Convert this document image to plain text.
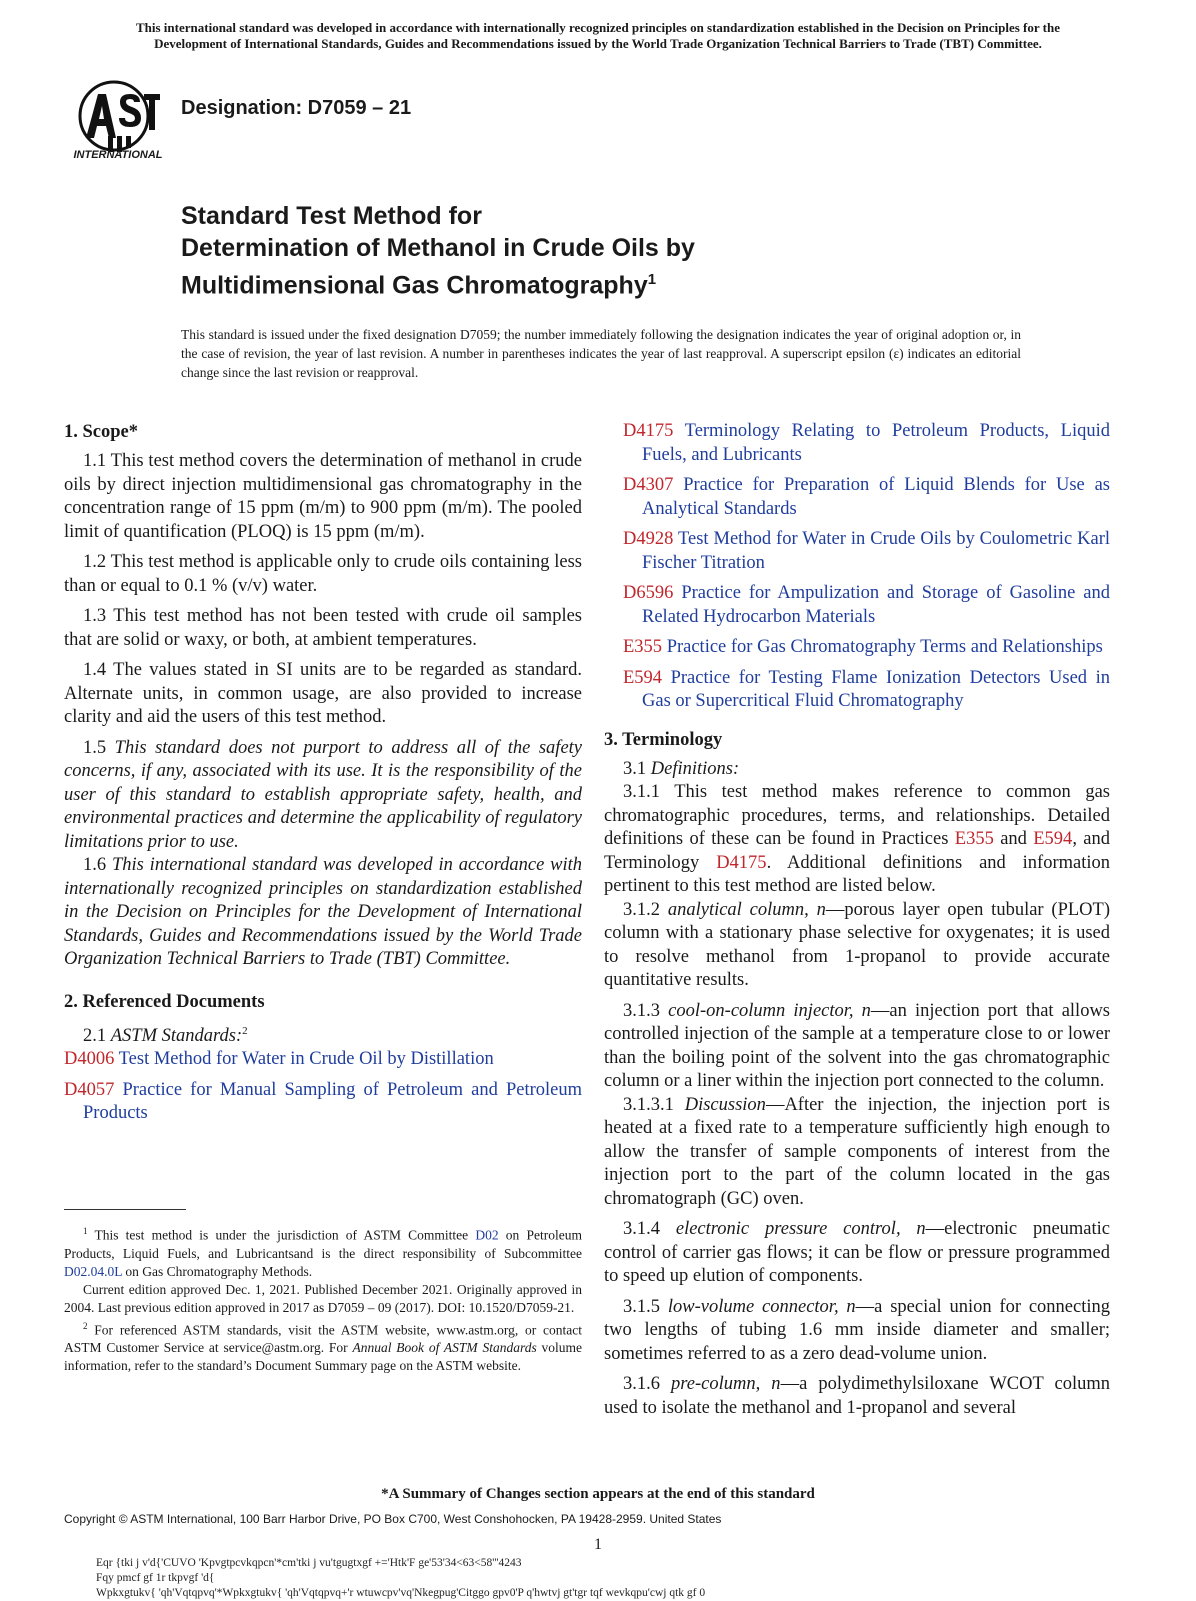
This international standard was developed in accordance with internationally recognized principles on standardization established in the Decision on Principles for the
Development of International Standards, Guides and Recommendations issued by the World Trade Organization Technical Barriers to Trade (TBT) Committee.
INTERNATIONAL
Designation: D7059 – 21
Standard Test Method for
Determination of Methanol in Crude Oils by
Multidimensional Gas Chromatography$^1$
This standard is issued under the fixed designation D7059; the number immediately following the designation indicates the year of original adoption or, in the case of revision, the year of last revision. A number in parentheses indicates the year of last reapproval. A superscript epsilon (ε) indicates an editorial change since the last revision or reapproval.
1. Scope*

1.1 This test method covers the determination of methanol in crude oils by direct injection multidimensional gas chromatography in the concentration range of 15 ppm (m/m) to 900 ppm (m/m). The pooled limit of quantification (PLOQ) is 15 ppm (m/m).

1.2 This test method is applicable only to crude oils containing less than or equal to 0.1 % (v/v) water.

1.3 This test method has not been tested with crude oil samples that are solid or waxy, or both, at ambient temperatures.

1.4 The values stated in SI units are to be regarded as standard. Alternate units, in common usage, are also provided to increase clarity and aid the users of this test method.

1.5 This standard does not purport to address all of the safety concerns, if any, associated with its use. It is the responsibility of the user of this standard to establish appropriate safety, health, and environmental practices and determine the applicability of regulatory limitations prior to use.

1.6 This international standard was developed in accordance with internationally recognized principles on standardization established in the Decision on Principles for the Development of International Standards, Guides and Recommendations issued by the World Trade Organization Technical Barriers to Trade (TBT) Committee.

2. Referenced Documents

2.1 ASTM Standards:$^2$

D4006 Test Method for Water in Crude Oil by Distillation

D4057 Practice for Manual Sampling of Petroleum and Petroleum Products

D4175 Terminology Relating to Petroleum Products, Liquid Fuels, and Lubricants

D4307 Practice for Preparation of Liquid Blends for Use as Analytical Standards

D4928 Test Method for Water in Crude Oils by Coulometric Karl Fischer Titration

D6596 Practice for Ampulization and Storage of Gasoline and Related Hydrocarbon Materials

E355 Practice for Gas Chromatography Terms and Relationships

E594 Practice for Testing Flame Ionization Detectors Used in Gas or Supercritical Fluid Chromatography

3. Terminology

3.1 Definitions:

3.1.1 This test method makes reference to common gas chromatographic procedures, terms, and relationships. Detailed definitions of these can be found in Practices E355 and E594, and Terminology D4175. Additional definitions and information pertinent to this test method are listed below.

3.1.2 analytical column, n—porous layer open tubular (PLOT) column with a stationary phase selective for oxygenates; it is used to resolve methanol from 1-propanol to provide accurate quantitative results.

3.1.3 cool-on-column injector, n—an injection port that allows controlled injection of the sample at a temperature close to or lower than the boiling point of the solvent into the gas chromatographic column or a liner within the injection port connected to the column.

3.1.3.1 Discussion—After the injection, the injection port is heated at a fixed rate to a temperature sufficiently high enough to allow the transfer of sample components of interest from the injection port to the part of the column located in the gas chromatograph (GC) oven.

3.1.4 electronic pressure control, n—electronic pneumatic control of carrier gas flows; it can be flow or pressure programmed to speed up elution of components.

3.1.5 low-volume connector, n—a special union for connecting two lengths of tubing 1.6 mm inside diameter and smaller; sometimes referred to as a zero dead-volume union.

3.1.6 pre-column, n—a polydimethylsiloxane WCOT column used to isolate the methanol and 1-propanol and several

$^1$ This test method is under the jurisdiction of ASTM Committee D02 on Petroleum Products, Liquid Fuels, and Lubricantsand is the direct responsibility of Subcommittee D02.04.0L on Gas Chromatography Methods.

Current edition approved Dec. 1, 2021. Published December 2021. Originally approved in 2004. Last previous edition approved in 2017 as D7059 – 09 (2017). DOI: 10.1520/D7059-21.

$^2$ For referenced ASTM standards, visit the ASTM website, www.astm.org, or contact ASTM Customer Service at service@astm.org. For Annual Book of ASTM Standards volume information, refer to the standard’s Document Summary page on the ASTM website.

*A Summary of Changes section appears at the end of this standard
Copyright © ASTM International, 100 Barr Harbor Drive, PO Box C700, West Conshohocken, PA 19428-2959. United States
1
Eqr {tki j v'd{'CUVO 'Kpvgtpcvkqpcn'*cm'tki j vu'tgugtxgf +='Htk'F ge'53'34<63<58'''4243
Fqy pmcf gf 1r tkpvgf 'd{
Wpkxgtukv{ 'qh'Vqtqpvq'*Wpkxgtukv{ 'qh'Vqtqpvq+'r wtuwcpv'vq'Nkegpug'Citggo gpv0'P q'hwtvj gt'tgr tqf wevkqpu'cwj qtk gf 0
